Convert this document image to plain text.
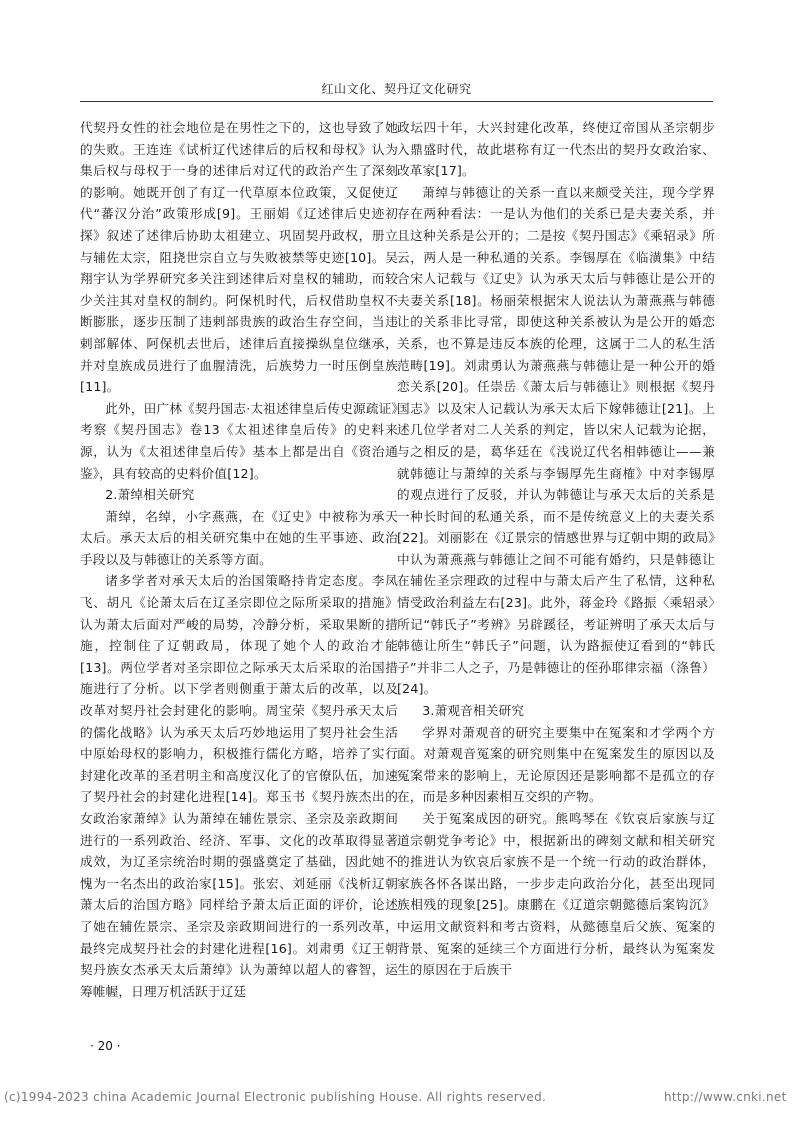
红山文化、契丹辽文化研究

代契丹女性的社会地位是在男性之下的，这也导致了她的失败。王连连《试析辽代述律后的后权和母权》认为集后权与母权于一身的述律后对辽代的政治产生了深刻的影响。她既开创了有辽一代草原本位政策，又促使辽代“蕃汉分治”政策形成[9]。王丽娟《辽述律后史迹初探》叙述了述律后协助太祖建立、巩固契丹政权，册立与辅佐太宗，阻挠世宗自立与失败被禁等史迹[10]。吴翔宇认为学界研究多关注到述律后对皇权的辅助，而较少关注其对皇权的制约。阿保机时代，后权借助皇权不断膨胀，逐步压制了违剌部贵族的政治生存空间，当违剌部解体、阿保机去世后，述律后直接操纵皇位继承，并对皇族成员进行了血腥清洗，后族势力一时压倒皇族[11]。

此外，田广林《契丹国志·太祖述律皇后传史源疏证》考察《契丹国志》卷13《太祖述律皇后传》的史料来源，认为《太祖述律皇后传》基本上都是出自《资治通鉴》，具有较高的史料价值[12]。

2.萧绰相关研究

萧绰，名绰，小字燕燕，在《辽史》中被称为承天太后。承天太后的相关研究集中在她的生平事迹、政治手段以及与韩德让的关系等方面。

诸多学者对承天太后的治国策略持肯定态度。李凤飞、胡凡《论萧太后在辽圣宗即位之际所采取的措施》认为萧太后面对严峻的局势，冷静分析，采取果断的措施，控制住了辽朝政局，体现了她个人的政治才能[13]。两位学者对圣宗即位之际承天太后采取的治国措施进行了分析。以下学者则侧重于萧太后的改革，以及改革对契丹社会封建化的影响。周宝荣《契丹承天太后的儒化战略》认为承天太后巧妙地运用了契丹社会生活中原始母权的影响力，积极推行儒化方略，培养了实行封建化改革的圣君明主和高度汉化了的官僚队伍，加速了契丹社会的封建化进程[14]。郑玉书《契丹族杰出的女政治家萧绰》认为萧绰在辅佐景宗、圣宗及亲政期间进行的一系列政治、经济、军事、文化的改革取得显著成效，为辽圣宗统治时期的强盛奠定了基础，因此她不愧为一名杰出的政治家[15]。张宏、刘延丽《浅析辽朝萧太后的治国方略》同样给予萧太后正面的评价，论述了她在辅佐景宗、圣宗及亲政期间进行的一系列改革，最终完成契丹社会的封建化进程[16]。刘肃勇《辽王朝契丹族女杰承天太后萧绰》认为萧绰以超人的睿智，运筹帷幄，日理万机活跃于辽廷

政坛四十年，大兴封建化改革，终使辽帝国从圣宗朝步入鼎盛时代，故此堪称有辽一代杰出的契丹女政治家、改革家[17]。

萧绰与韩德让的关系一直以来颇受关注，现今学界存在两种看法：一是认为他们的关系已是夫妻关系，并且这种关系是公开的；二是按《契丹国志》《乘轺录》所云，两人是一种私通的关系。李锡厚在《临潢集》中结合宋人记载与《辽史》认为承天太后与韩德让是公开的夫妻关系[18]。杨丽荣根据宋人说法认为萧燕燕与韩德让的关系非比寻常，即使这种关系被认为是公开的婚恋关系，也不算是违反本族的伦理，这属于二人的私生活范畴[19]。刘肃勇认为萧燕燕与韩德让是一种公开的婚恋关系[20]。任崇岳《萧太后与韩德让》则根据《契丹国志》以及宋人记载认为承天太后下嫁韩德让[21]。上述几位学者对二人关系的判定，皆以宋人记载为论据，与之相反的是，葛华廷在《浅说辽代名相韩德让——兼就韩德让与萧绰的关系与李锡厚先生商榷》中对李锡厚的观点进行了反驳，并认为韩德让与承天太后的关系是一种长时间的私通关系，而不是传统意义上的夫妻关系[22]。刘丽影在《辽景宗的情感世界与辽朝中期的政局》中认为萧燕燕与韩德让之间不可能有婚约，只是韩德让在辅佐圣宗理政的过程中与萧太后产生了私情，这种私情受政治利益左右[23]。此外，蒋金玲《路振〈乘轺录〉所记“韩氏子”考辨》另辟蹊径，考证辨明了承天太后与韩德让所生“韩氏子”问题，认为路振使辽看到的“韩氏子”并非二人之子，乃是韩德让的侄孙耶律宗福（涤鲁）[24]。

3.萧观音相关研究

学界对萧观音的研究主要集中在冤案和才学两个方面。对萧观音冤案的研究则集中在冤案发生的原因以及冤案带来的影响上，无论原因还是影响都不是孤立的存在，而是多种因素相互交织的产物。

关于冤案成因的研究。熊鸣琴在《钦哀后家族与辽道宗朝党争考论》中，根据新出的碑刻文献和相关研究的推进认为钦哀后家族不是一个统一行动的政治群体，家族各怀各谋出路，一步步走向政治分化，甚至出现同族相残的现象[25]。康鹏在《辽道宗朝懿德后案钩沉》中运用文献资料和考古资料，从懿德皇后父族、冤案的背景、冤案的延续三个方面进行分析，最终认为冤案发生的原因在于后族干

· 20 ·
(c)1994-2023 china Academic Journal Electronic publishing House. All rights reserved.	http://www.cnki.net
